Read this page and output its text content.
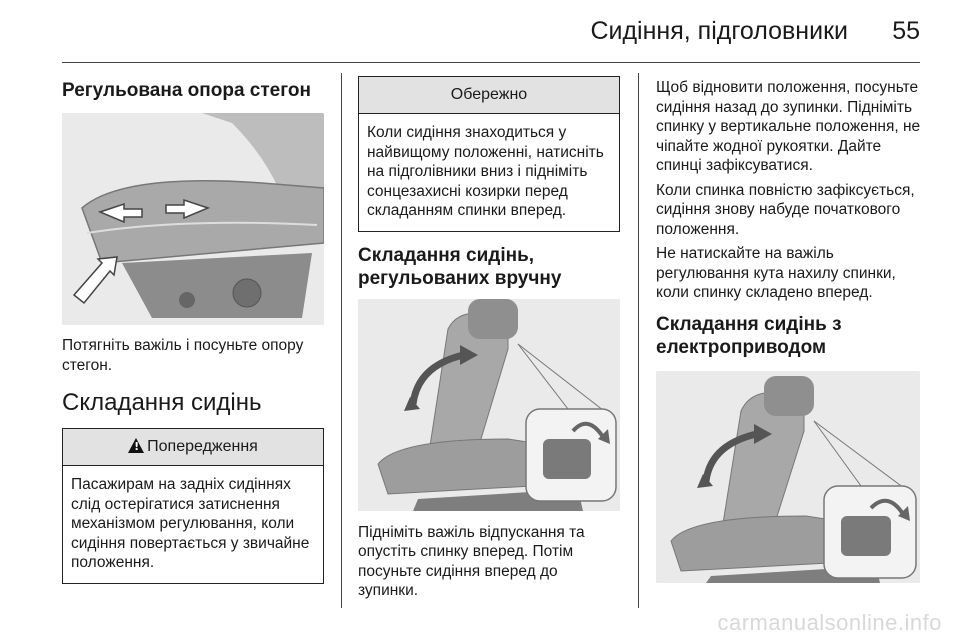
Сидіння, підголовники 55
Регульована опора стегон
Потягніть важіль і посуньте опору стегон.
Складання сидінь
! Попередження
Пасажирам на задніх сидіннях слід остерігатися затиснення механізмом регулювання, коли сидіння повертається у звичайне положення.
Обережно
Коли сидіння знаходиться у найвищому положенні, натисніть на підголівники вниз і підніміть сонцезахисні козирки перед складанням спинки вперед.
Складання сидінь, регульованих вручну
Підніміть важіль відпускання та опустіть спинку вперед. Потім посуньте сидіння вперед до зупинки.
Щоб відновити положення, посуньте сидіння назад до зупинки. Підніміть спинку у вертикальне положення, не чіпайте жодної рукоятки. Дайте спинці зафіксуватися.
Коли спинка повністю зафіксується, сидіння знову набуде початкового положення.
Не натискайте на важіль регулювання кута нахилу спинки, коли спинку складено вперед.
Складання сидінь з електроприводом
carmanualsonline.info
